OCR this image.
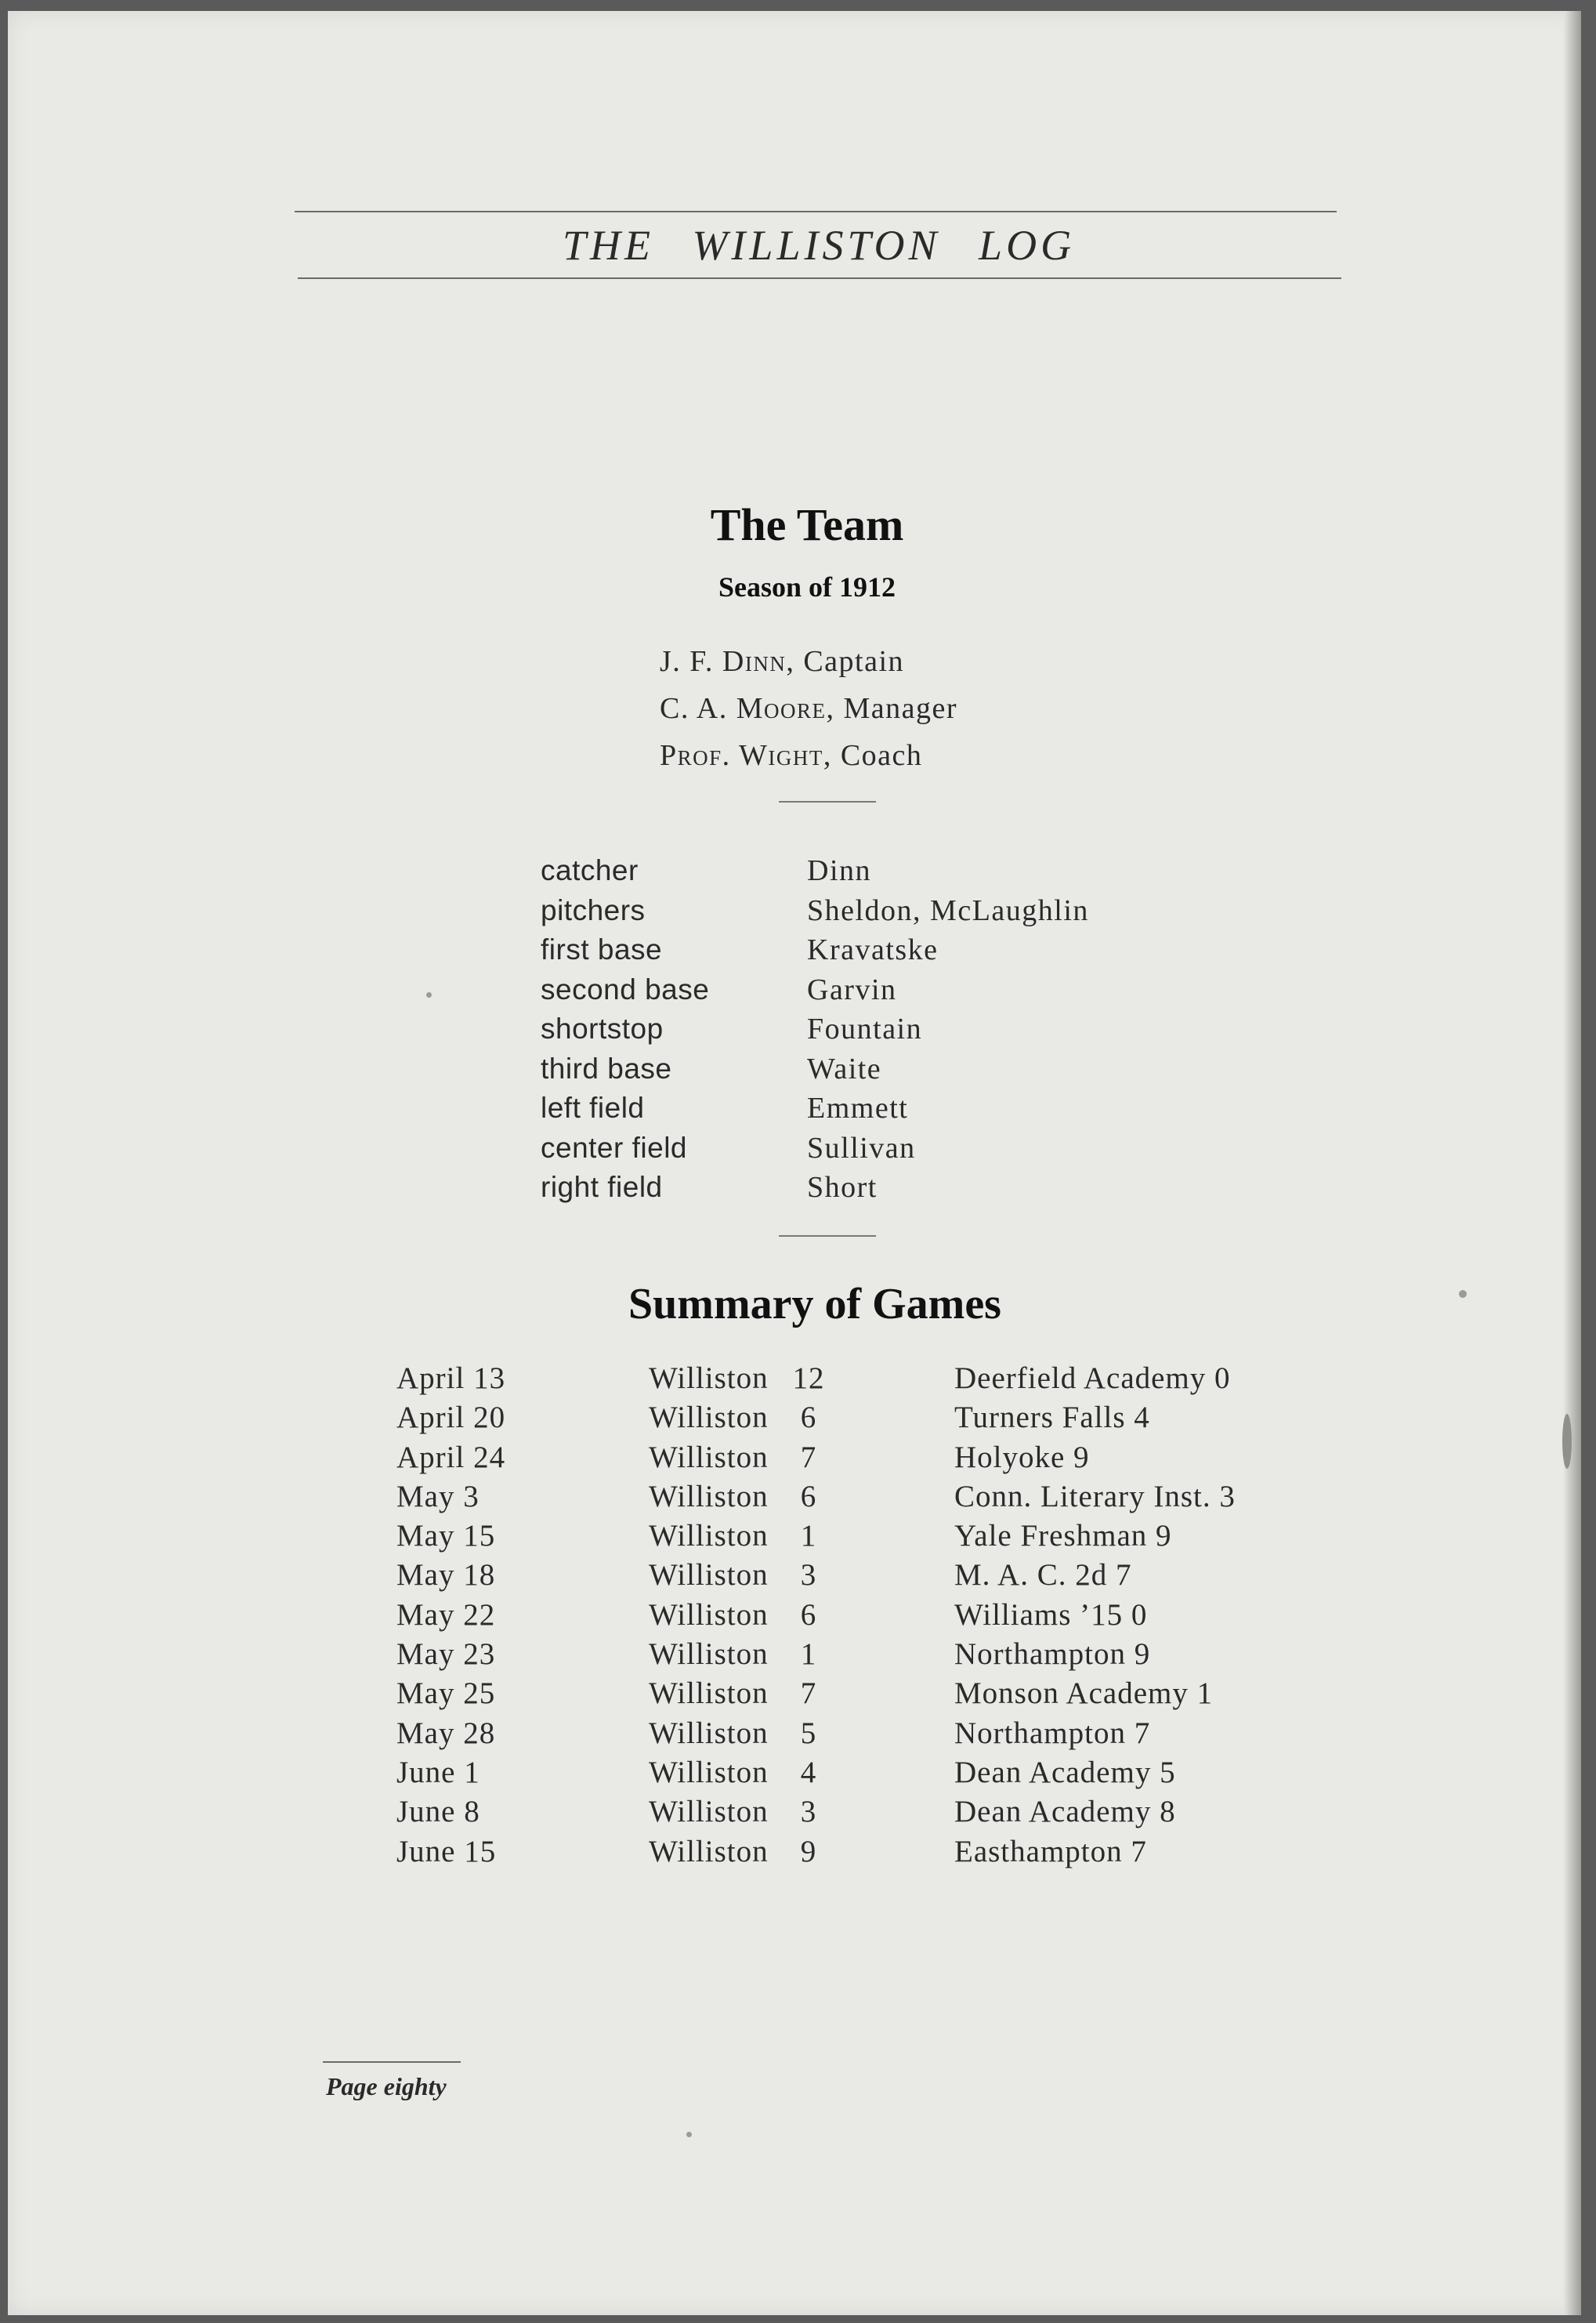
THE WILLISTON LOG
The Team
Season of 1912
J. F. Dinn, Captain
C. A. Moore, Manager
Prof. Wight, Coach
catcher	Dinn
pitchers	Sheldon, McLaughlin
first base	Kravatske
second base	Garvin
shortstop	Fountain
third base	Waite
left field	Emmett
center field	Sullivan
right field	Short
Summary of Games
April 13	Williston 12	Deerfield Academy 0
April 20	Williston	6	Turners Falls 4
April 24	Williston	7	Holyoke 9
May 3	Williston	6	Conn. Literary Inst. 3
May 15	Williston	1	Yale Freshman 9
May 18	Williston	3	M. A. C. 2d 7
May 22	Williston	6	Williams ’15 0
May 23	Williston	1	Northampton 9
May 25	Williston	7	Monson Academy 1
May 28	Williston	5	Northampton 7
June 1	Williston	4	Dean Academy 5
June 8	Williston	3	Dean Academy 8
June 15	Williston	9	Easthampton 7
Page eighty
